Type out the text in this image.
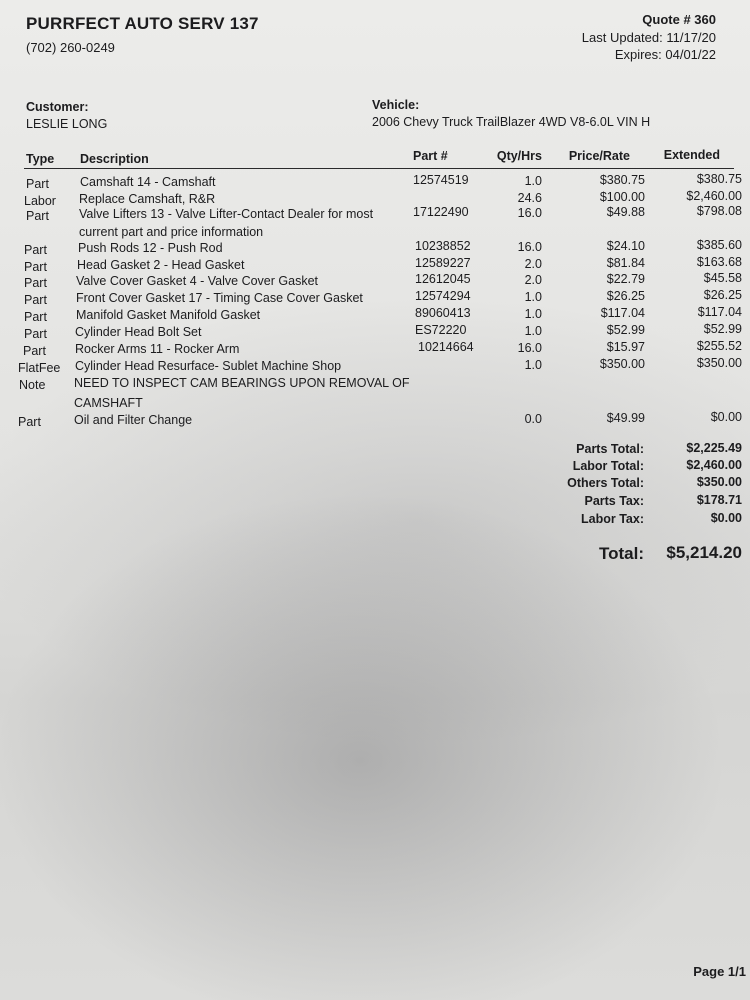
PURRFECT AUTO SERV 137
(702) 260-0249
Quote # 360
Last Updated: 11/17/20
Expires: 04/01/22
Customer:
LESLIE LONG
Vehicle:
2006 Chevy Truck TrailBlazer 4WD V8-6.0L VIN H
Type Description	Part #	Qty/Hrs Price/Rate	Extended
Part Camshaft 14 - Camshaft	12574519	1.0	$380.75	$380.75
Labor Replace Camshaft, R&R	24.6	$100.00	$2,460.00
Part Valve Lifters 13 - Valve Lifter-Contact Dealer for most
current part and price information
17122490	16.0	$49.88	$798.08
Part Push Rods 12 - Push Rod	10238852	16.0	$24.10	$385.60
Part Head Gasket 2 - Head Gasket	12589227	2.0	$81.84	$163.68
Part Valve Cover Gasket 4 - Valve Cover Gasket	12612045	2.0	$22.79	$45.58
Part Front Cover Gasket 17 - Timing Case Cover Gasket	12574294	1.0	$26.25	$26.25
Part Manifold Gasket Manifold Gasket	89060413	1.0	$117.04	$117.04
Part Cylinder Head Bolt Set	ES72220	1.0	$52.99	$52.99
Part Rocker Arms 11 - Rocker Arm	10214664	16.0	$15.97	$255.52
FlatFee Cylinder Head Resurface- Sublet Machine Shop	1.0	$350.00	$350.00
Note NEED TO INSPECT CAM BEARINGS UPON REMOVAL OF
CAMSHAFT
Part	Oil and Filter Change	0.0	$49.99	$0.00
Parts Total:	$2,225.49
Labor Total:	$2,460.00
Others Total:	$350.00
Parts Tax:	$178.71
Labor Tax:	$0.00
Total: $5,214.20
Page 1/1
